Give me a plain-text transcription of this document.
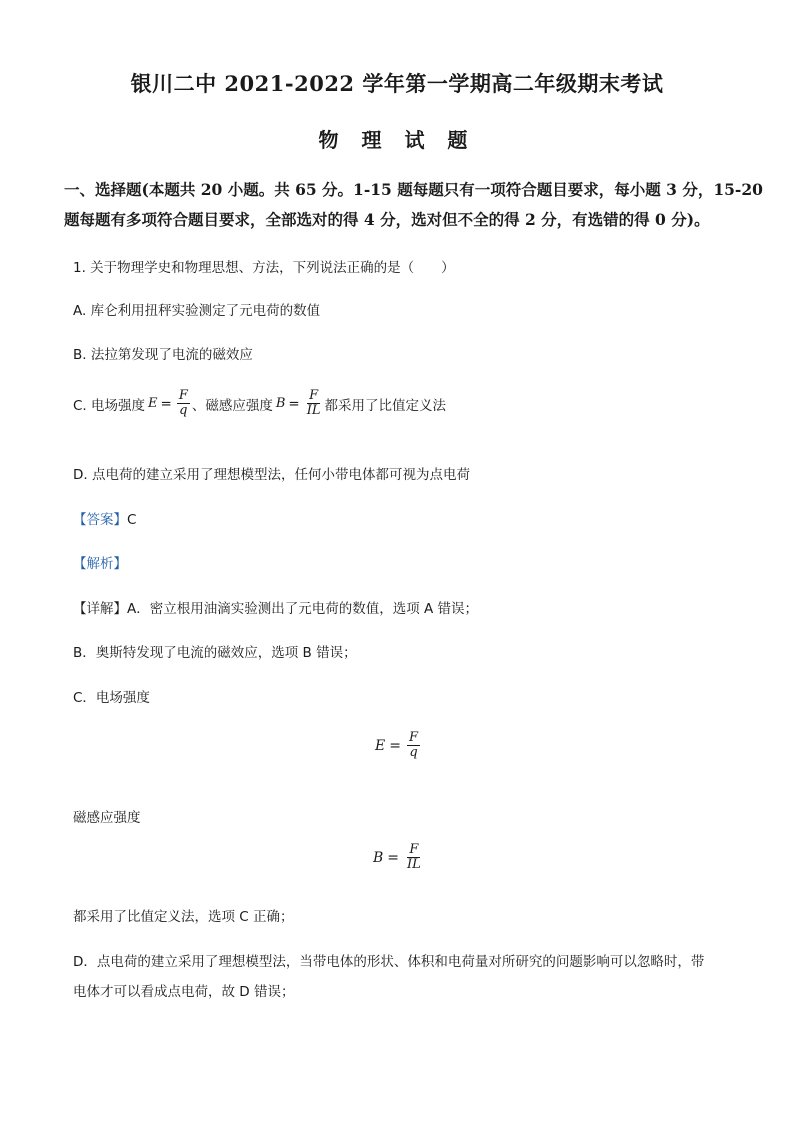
银川二中 2021-2022 学年第一学期高二年级期末考试
物 理 试 题
一、选择题(本题共 20 小题。共 65 分。1-15 题每题只有一项符合题目要求，每小题 3 分，15-20
题每题有多项符合题目要求，全部选对的得 4 分，选对但不全的得 2 分，有选错的得 0 分)。
1. 关于物理学史和物理思想、方法，下列说法正确的是（　　）
A. 库仑利用扭秤实验测定了元电荷的数值
B. 法拉第发现了电流的磁效应
C. 电场强度 $E = \frac{F}{q}$ 、磁感应强度 $B = \frac{F}{IL}$ 都采用了比值定义法
D. 点电荷的建立采用了理想模型法，任何小带电体都可视为点电荷
【答案】C
【解析】
【详解】A．密立根用油滴实验测出了元电荷的数值，选项 A 错误；
B．奥斯特发现了电流的磁效应，选项 B 错误；
C．电场强度
$E = \frac{F}{q}$
磁感应强度
$B = \frac{F}{IL}$
都采用了比值定义法，选项 C 正确；
D．点电荷的建立采用了理想模型法，当带电体的形状、体积和电荷量对所研究的问题影响可以忽略时，带
电体才可以看成点电荷，故 D 错误；
